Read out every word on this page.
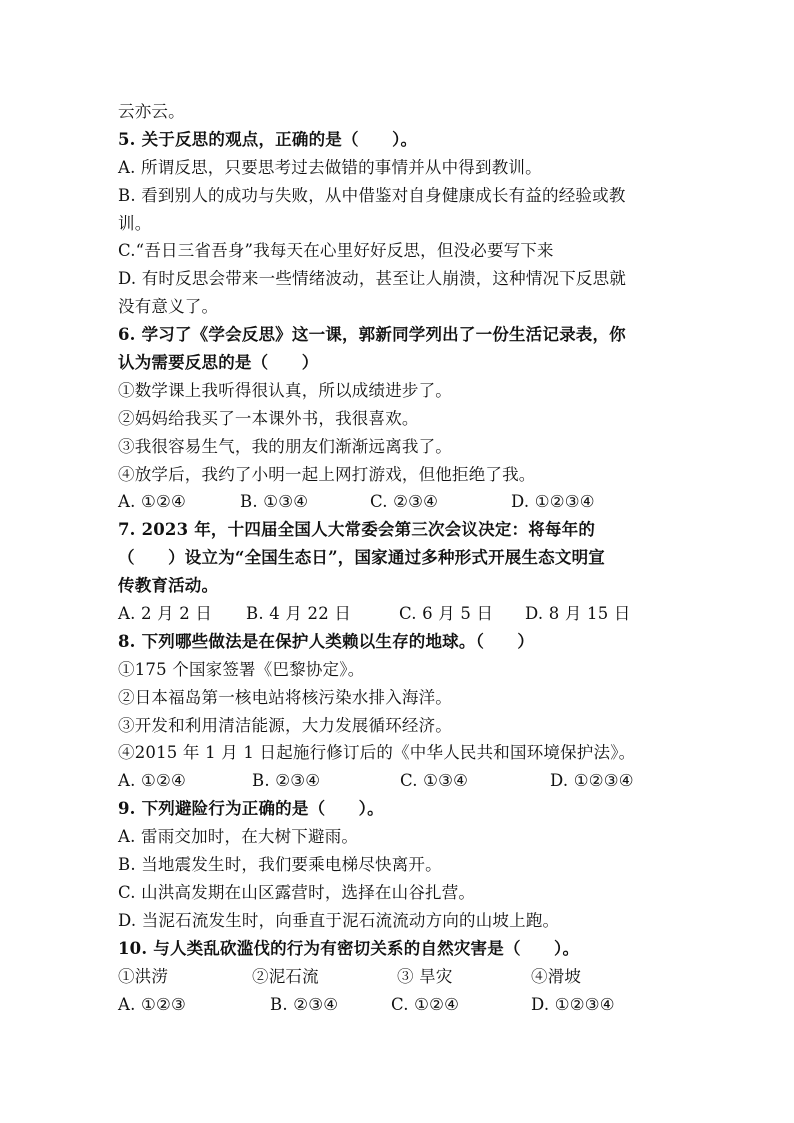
云亦云。
5. 关于反思的观点，正确的是（　　）。
A. 所谓反思，只要思考过去做错的事情并从中得到教训。
B. 看到别人的成功与失败，从中借鉴对自身健康成长有益的经验或教
训。
C.“吾日三省吾身”我每天在心里好好反思，但没必要写下来
D. 有时反思会带来一些情绪波动，甚至让人崩溃，这种情况下反思就
没有意义了。
6. 学习了《学会反思》这一课，郭新同学列出了一份生活记录表，你
认为需要反思的是（　　）
①数学课上我听得很认真，所以成绩进步了。
②妈妈给我买了一本课外书，我很喜欢。
③我很容易生气，我的朋友们渐渐远离我了。
④放学后，我约了小明一起上网打游戏，但他拒绝了我。
A. ①②④	B. ①③④	C. ②③④	D. ①②③④
7. 2023 年，十四届全国人大常委会第三次会议决定：将每年的
（　　）设立为“全国生态日”，国家通过多种形式开展生态文明宣
传教育活动。
A. 2 月 2 日	B. 4 月 22 日	C. 6 月 5 日	D. 8 月 15 日
8. 下列哪些做法是在保护人类赖以生存的地球。（　　）
①175 个国家签署《巴黎协定》。
②日本福岛第一核电站将核污染水排入海洋。
③开发和利用清洁能源，大力发展循环经济。
④2015 年 1 月 1 日起施行修订后的《中华人民共和国环境保护法》。
A. ①②④	B. ②③④	C. ①③④	D. ①②③④
9. 下列避险行为正确的是（　　）。
A. 雷雨交加时，在大树下避雨。
B. 当地震发生时，我们要乘电梯尽快离开。
C. 山洪高发期在山区露营时，选择在山谷扎营。
D. 当泥石流发生时，向垂直于泥石流流动方向的山坡上跑。
10. 与人类乱砍滥伐的行为有密切关系的自然灾害是（　　）。
①洪涝	②泥石流	③ 旱灾	④滑坡
A. ①②③	B. ②③④	C. ①②④	D. ①②③④
